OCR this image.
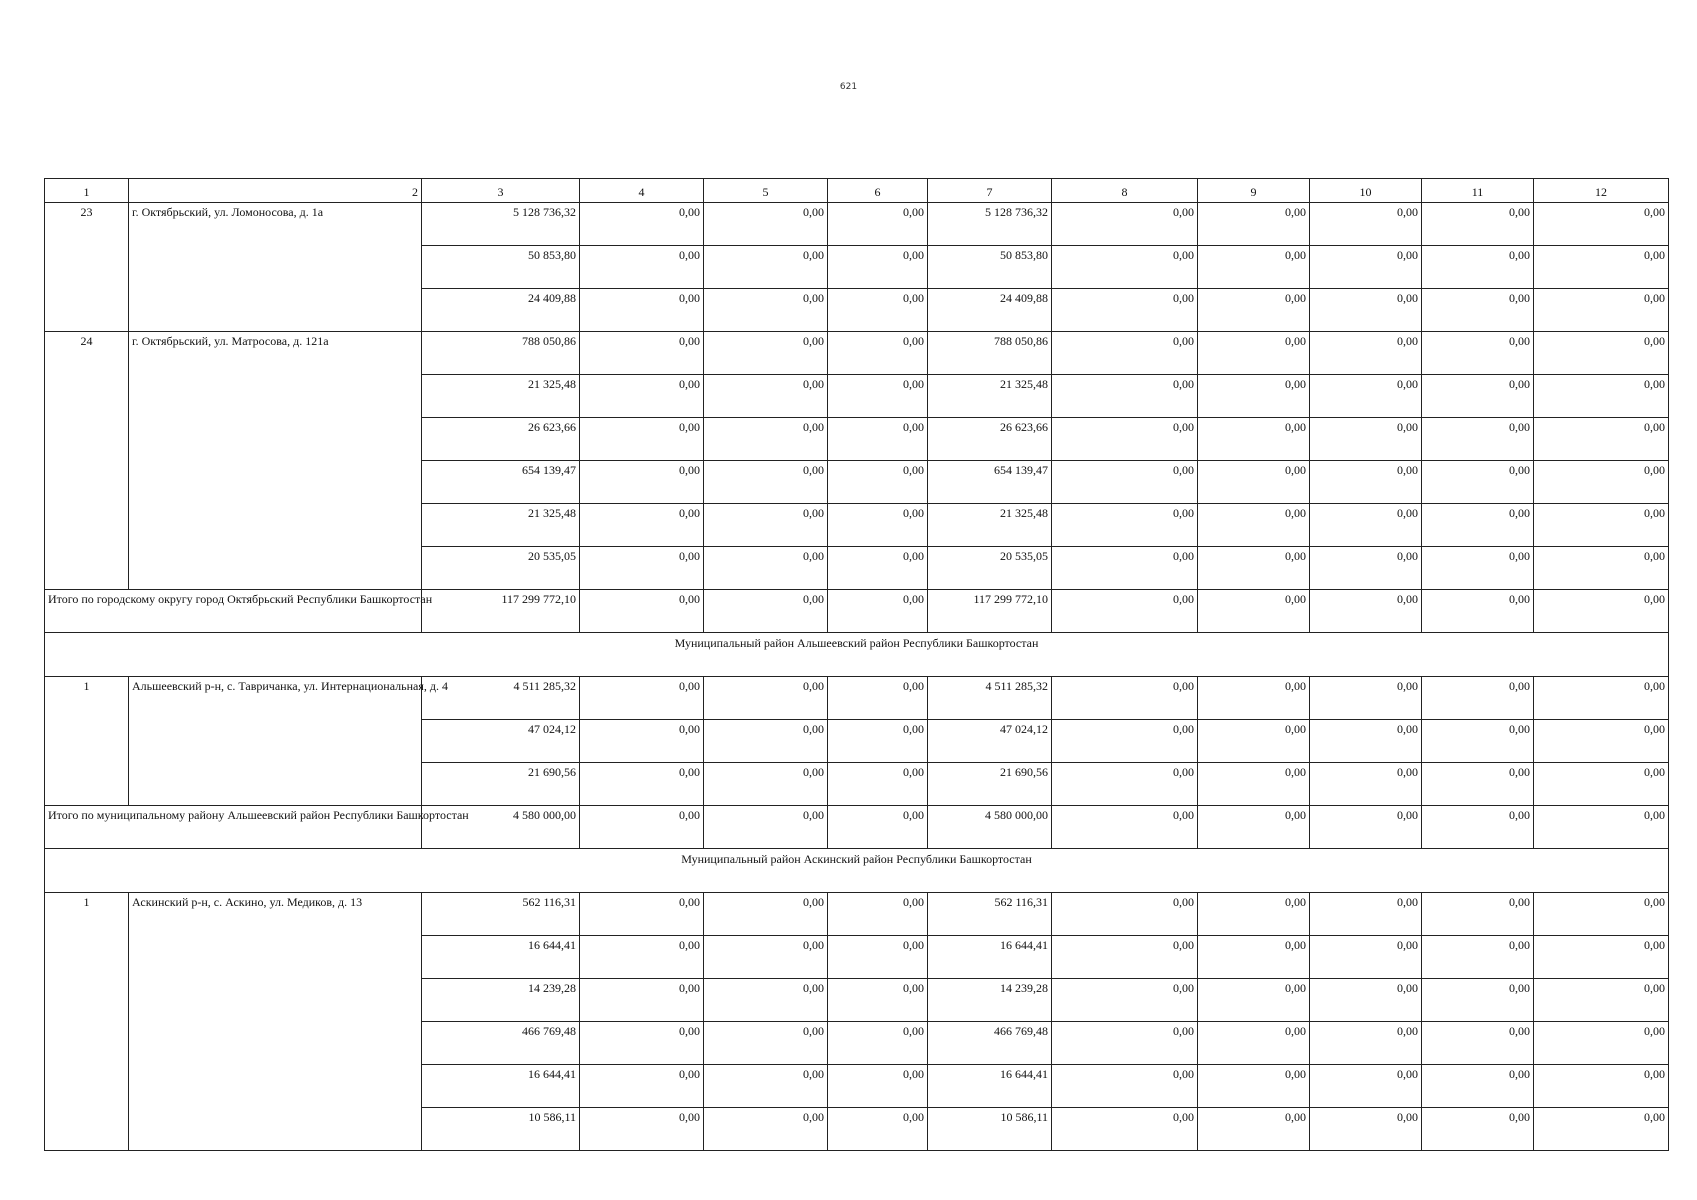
621
1	2	3	4	5	6	7	8	9	10	11	12
23	г. Октябрьский, ул. Ломоносова, д. 1а	5 128 736,32	0,00	0,00	0,00	5 128 736,32	0,00	0,00	0,00	0,00	0,00
		50 853,80	0,00	0,00	0,00	50 853,80	0,00	0,00	0,00	0,00	0,00
		24 409,88	0,00	0,00	0,00	24 409,88	0,00	0,00	0,00	0,00	0,00
24	г. Октябрьский, ул. Матросова, д. 121а	788 050,86	0,00	0,00	0,00	788 050,86	0,00	0,00	0,00	0,00	0,00
		21 325,48	0,00	0,00	0,00	21 325,48	0,00	0,00	0,00	0,00	0,00
		26 623,66	0,00	0,00	0,00	26 623,66	0,00	0,00	0,00	0,00	0,00
		654 139,47	0,00	0,00	0,00	654 139,47	0,00	0,00	0,00	0,00	0,00
		21 325,48	0,00	0,00	0,00	21 325,48	0,00	0,00	0,00	0,00	0,00
		20 535,05	0,00	0,00	0,00	20 535,05	0,00	0,00	0,00	0,00	0,00
Итого по городскому округу город Октябрьский Республики Башкортостан		117 299 772,10	0,00	0,00	0,00	117 299 772,10	0,00	0,00	0,00	0,00	0,00
Муниципальный район Альшеевский район Республики Башкортостан											
1	Альшеевский р-н, с. Тавричанка, ул. Интернациональная, д. 4	4 511 285,32	0,00	0,00	0,00	4 511 285,32	0,00	0,00	0,00	0,00	0,00
		47 024,12	0,00	0,00	0,00	47 024,12	0,00	0,00	0,00	0,00	0,00
		21 690,56	0,00	0,00	0,00	21 690,56	0,00	0,00	0,00	0,00	0,00
Итого по муниципальному району Альшеевский район Республики Башкортостан		4 580 000,00	0,00	0,00	0,00	4 580 000,00	0,00	0,00	0,00	0,00	0,00
Муниципальный район Аскинский район Республики Башкортостан											
1	Аскинский р-н, с. Аскино, ул. Медиков, д. 13	562 116,31	0,00	0,00	0,00	562 116,31	0,00	0,00	0,00	0,00	0,00
		16 644,41	0,00	0,00	0,00	16 644,41	0,00	0,00	0,00	0,00	0,00
		14 239,28	0,00	0,00	0,00	14 239,28	0,00	0,00	0,00	0,00	0,00
		466 769,48	0,00	0,00	0,00	466 769,48	0,00	0,00	0,00	0,00	0,00
		16 644,41	0,00	0,00	0,00	16 644,41	0,00	0,00	0,00	0,00	0,00
		10 586,11	0,00	0,00	0,00	10 586,11	0,00	0,00	0,00	0,00	0,00
